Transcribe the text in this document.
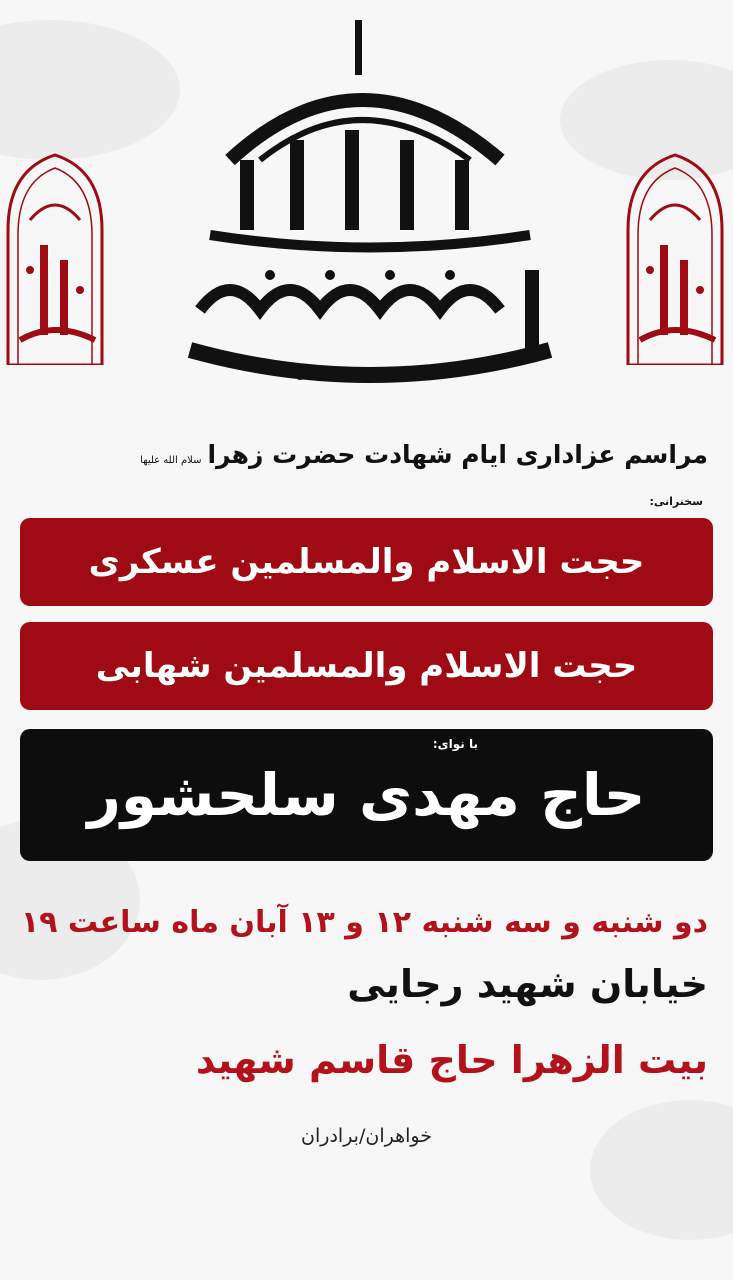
مراسم عزاداری ایام شهادت حضرت زهراسلام الله علیها
سخنرانی:
حجت الاسلام والمسلمین عسکری
حجت الاسلام والمسلمین شهابی
با نوای:
حاج مهدی سلحشور
دو شنبه و سه شنبه ۱۲ و ۱۳ آبان ماه ساعت ۱۹
خیابان شهید رجایی
بیت الزهرا حاج قاسم شهید
خواهران/برادران
